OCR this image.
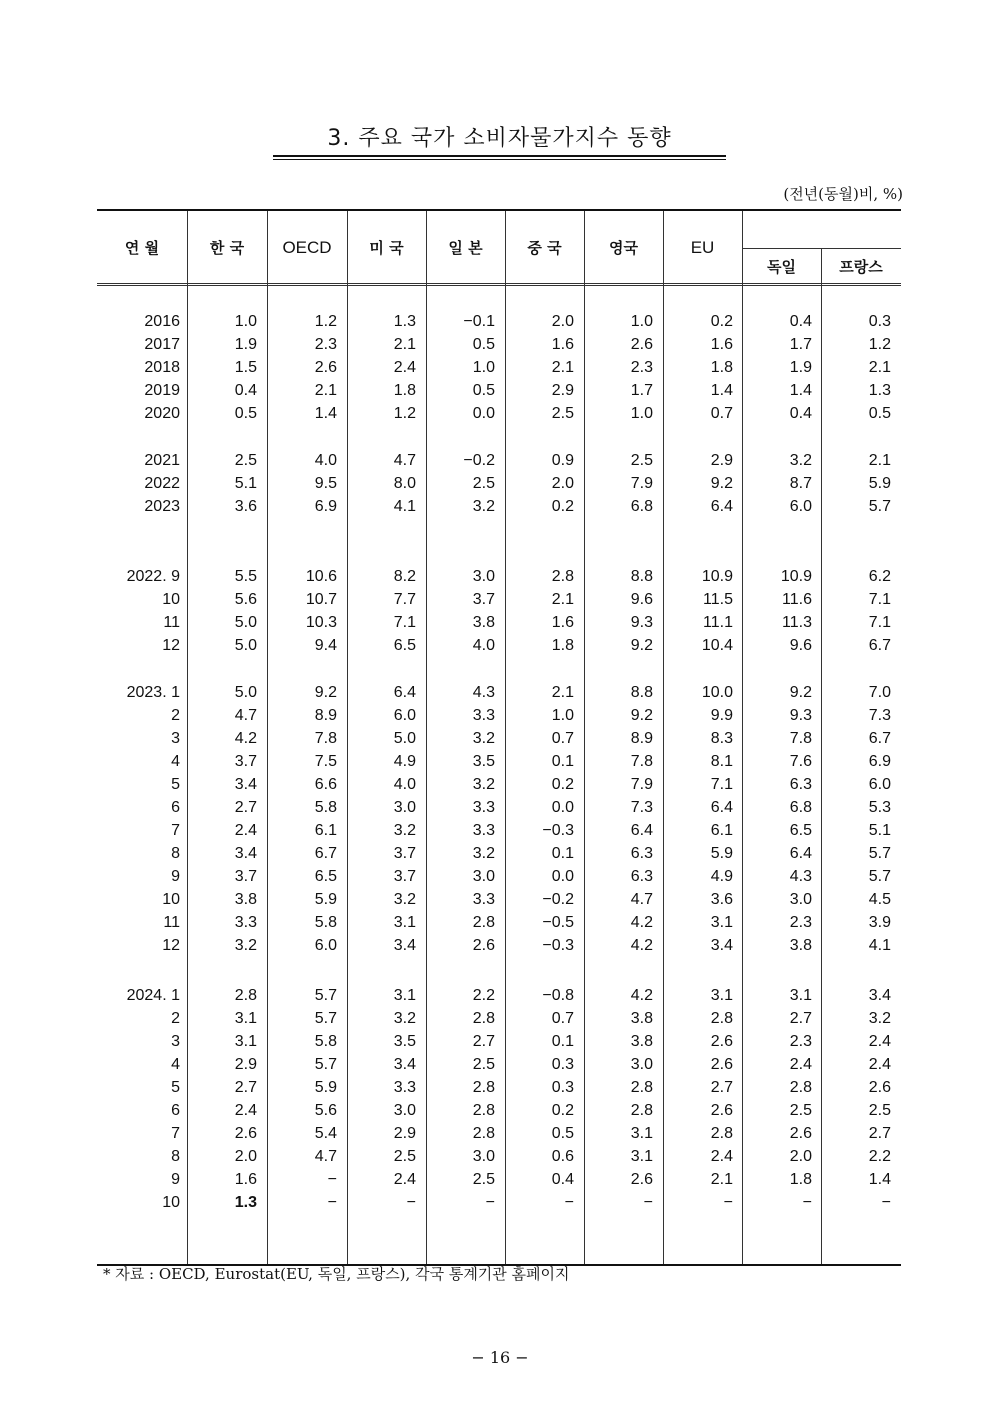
3. 주요 국가 소비자물가지수 동향
(전년(동월)비, %)
연 월	한 국	OECD	미 국	일 본	중 국	영국	EU
독일	프랑스
2016	1.0	1.2	1.3	−0.1	2.0	1.0	0.2	0.4	0.3
2017	1.9	2.3	2.1	0.5	1.6	2.6	1.6	1.7	1.2
2018	1.5	2.6	2.4	1.0	2.1	2.3	1.8	1.9	2.1
2019	0.4	2.1	1.8	0.5	2.9	1.7	1.4	1.4	1.3
2020	0.5	1.4	1.2	0.0	2.5	1.0	0.7	0.4	0.5
2021	2.5	4.0	4.7	−0.2	0.9	2.5	2.9	3.2	2.1
2022	5.1	9.5	8.0	2.5	2.0	7.9	9.2	8.7	5.9
2023	3.6	6.9	4.1	3.2	0.2	6.8	6.4	6.0	5.7
2022. 9	5.5	10.6	8.2	3.0	2.8	8.8	10.9	10.9	6.2
10	5.6	10.7	7.7	3.7	2.1	9.6	11.5	11.6	7.1
11	5.0	10.3	7.1	3.8	1.6	9.3	11.1	11.3	7.1
12	5.0	9.4	6.5	4.0	1.8	9.2	10.4	9.6	6.7
2023. 1	5.0	9.2	6.4	4.3	2.1	8.8	10.0	9.2	7.0
2	4.7	8.9	6.0	3.3	1.0	9.2	9.9	9.3	7.3
3	4.2	7.8	5.0	3.2	0.7	8.9	8.3	7.8	6.7
4	3.7	7.5	4.9	3.5	0.1	7.8	8.1	7.6	6.9
5	3.4	6.6	4.0	3.2	0.2	7.9	7.1	6.3	6.0
6	2.7	5.8	3.0	3.3	0.0	7.3	6.4	6.8	5.3
7	2.4	6.1	3.2	3.3	−0.3	6.4	6.1	6.5	5.1
8	3.4	6.7	3.7	3.2	0.1	6.3	5.9	6.4	5.7
9	3.7	6.5	3.7	3.0	0.0	6.3	4.9	4.3	5.7
10	3.8	5.9	3.2	3.3	−0.2	4.7	3.6	3.0	4.5
11	3.3	5.8	3.1	2.8	−0.5	4.2	3.1	2.3	3.9
12	3.2	6.0	3.4	2.6	−0.3	4.2	3.4	3.8	4.1
2024. 1	2.8	5.7	3.1	2.2	−0.8	4.2	3.1	3.1	3.4
2	3.1	5.7	3.2	2.8	0.7	3.8	2.8	2.7	3.2
3	3.1	5.8	3.5	2.7	0.1	3.8	2.6	2.3	2.4
4	2.9	5.7	3.4	2.5	0.3	3.0	2.6	2.4	2.4
5	2.7	5.9	3.3	2.8	0.3	2.8	2.7	2.8	2.6
6	2.4	5.6	3.0	2.8	0.2	2.8	2.6	2.5	2.5
7	2.6	5.4	2.9	2.8	0.5	3.1	2.8	2.6	2.7
8	2.0	4.7	2.5	3.0	0.6	3.1	2.4	2.0	2.2
9	1.6	−	2.4	2.5	0.4	2.6	2.1	1.8	1.4
10	1.3	−	−	−	−	−	−	−	−
* 자료 : OECD, Eurostat(EU, 독일, 프랑스), 각국 통계기관 홈페이지
− 16 −
